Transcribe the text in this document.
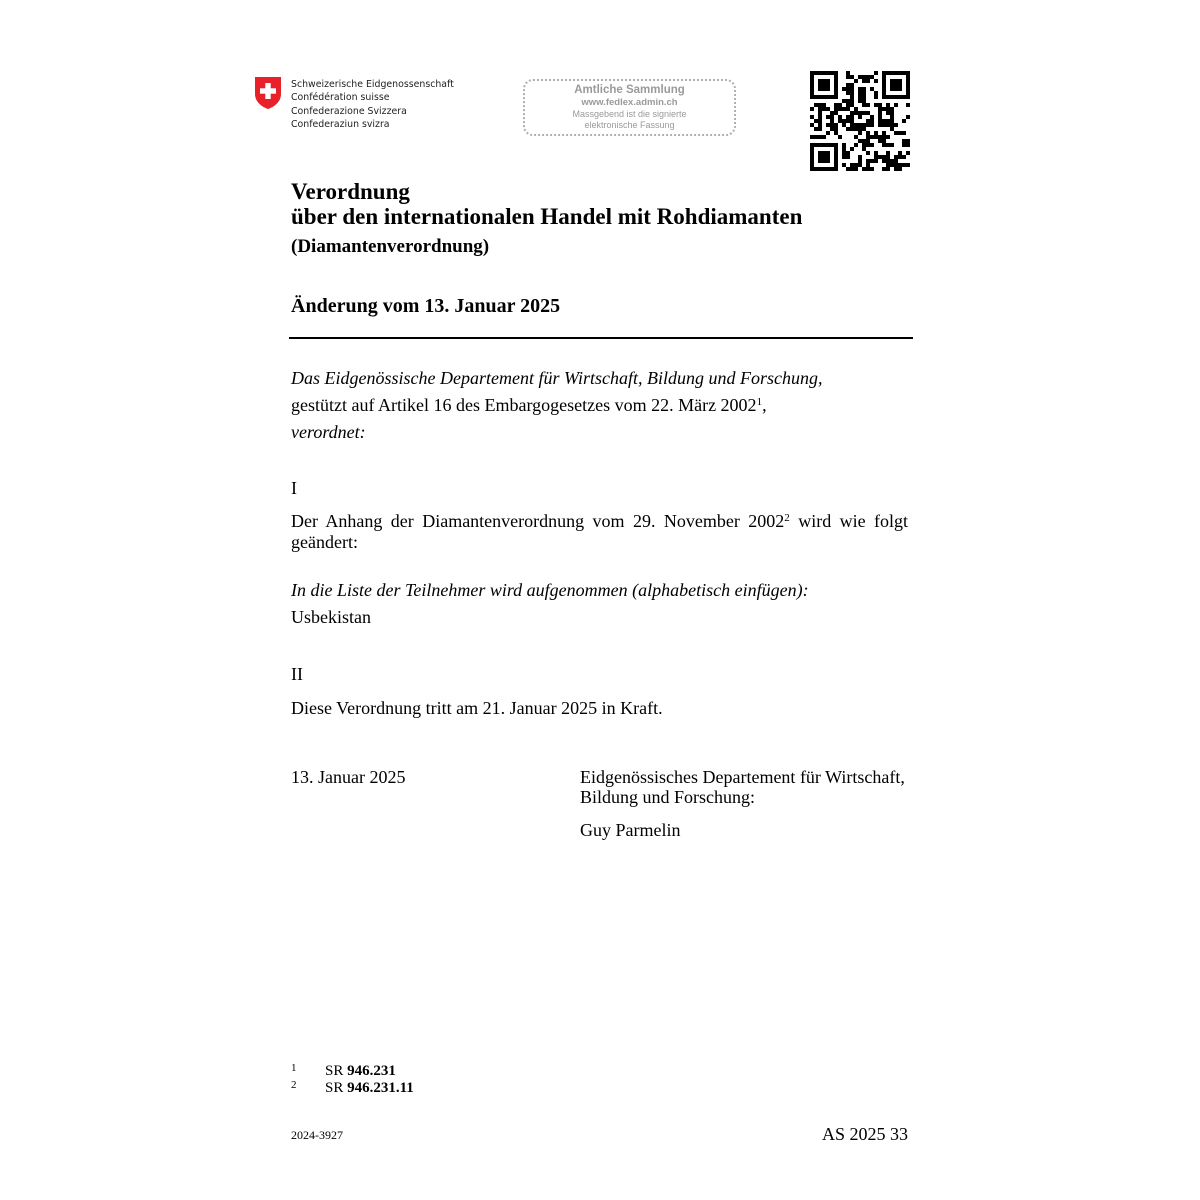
Schweizerische Eidgenossenschaft
Confédération suisse
Confederazione Svizzera
Confederaziun svizra
Amtliche Sammlung
www.fedlex.admin.ch
Massgebend ist die signierte
elektronische Fassung
Verordnung
über den internationalen Handel mit Rohdiamanten
(Diamantenverordnung)
Änderung vom 13. Januar 2025
Das Eidgenössische Departement für Wirtschaft, Bildung und Forschung,
gestützt auf Artikel 16 des Embargogesetzes vom 22. März 2002$^1$,
verordnet:
I
Der Anhang der Diamantenverordnung vom 29. November 2002$^2$ wird wie folgt
geändert:
In die Liste der Teilnehmer wird aufgenommen (alphabetisch einfügen):
Usbekistan
II
Diese Verordnung tritt am 21. Januar 2025 in Kraft.
13. Januar 2025	Eidgenössisches Departement für Wirtschaft,
Bildung und Forschung:
Guy Parmelin
1 SR 946.231
2 SR 946.231.11
2024-3927	AS 2025 33
